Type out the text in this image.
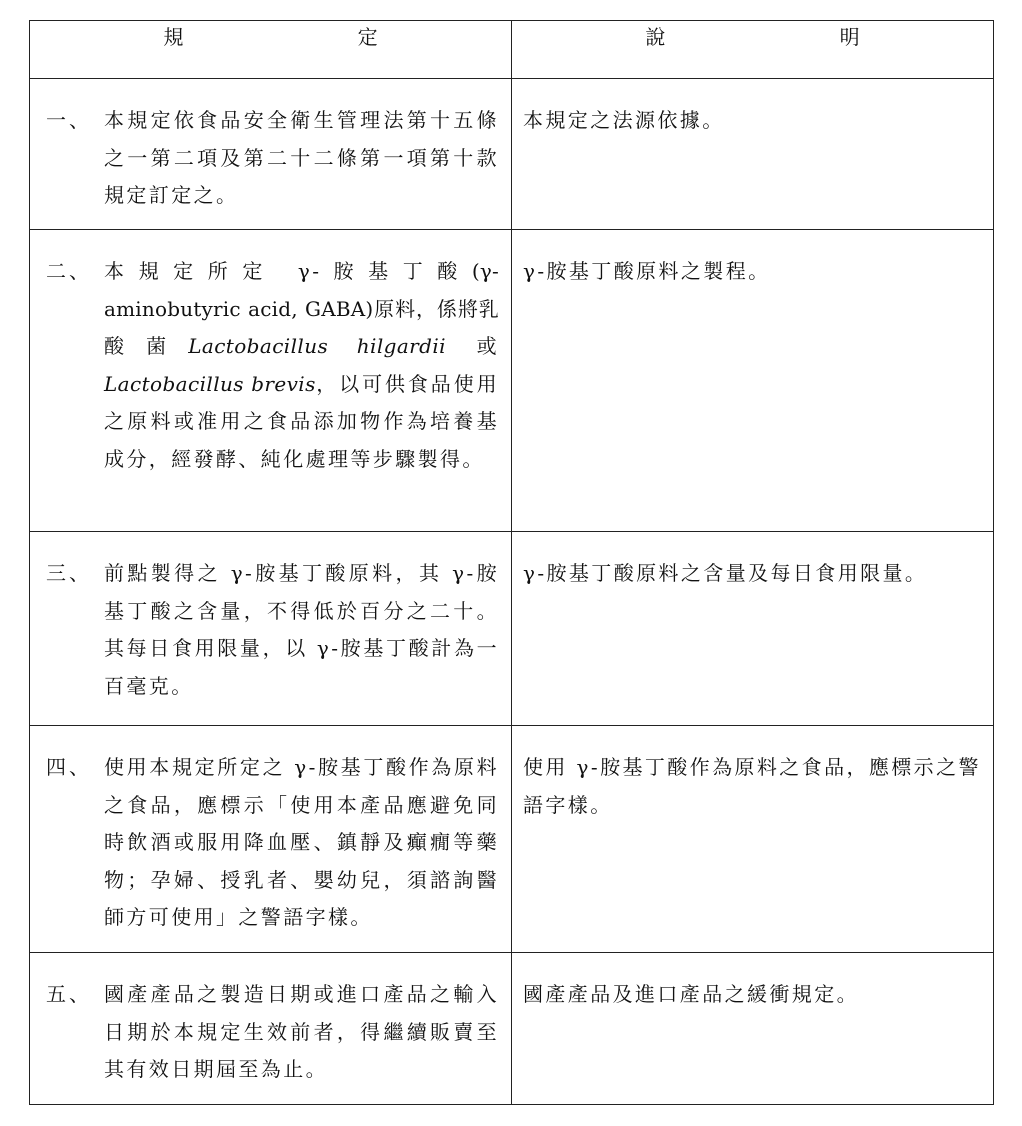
規 定	說 明

一、 本規定依食品安全衛生管理法第十五條之一第二項及第二十二條第一項第十款規定訂定之。	本規定之法源依據。

二、 本規定所定 γ-胺基丁酸(γ-aminobutyric acid, GABA)原料，係將乳酸菌Lactobacillus hilgardii 或 Lactobacillus brevis，以可供食品使用之原料或准用之食品添加物作為培養基成分，經發酵、純化處理等步驟製得。	γ-胺基丁酸原料之製程。

三、 前點製得之 γ-胺基丁酸原料，其 γ-胺基丁酸之含量，不得低於百分之二十。其每日食用限量，以 γ-胺基丁酸計為一百毫克。	γ-胺基丁酸原料之含量及每日食用限量。

四、 使用本規定所定之 γ-胺基丁酸作為原料之食品，應標示「使用本產品應避免同時飲酒或服用降血壓、鎮靜及癲癇等藥物；孕婦、授乳者、嬰幼兒，須諮詢醫師方可使用」之警語字樣。	使用 γ-胺基丁酸作為原料之食品，應標示之警語字樣。

五、 國產產品之製造日期或進口產品之輸入日期於本規定生效前者，得繼續販賣至其有效日期屆至為止。	國產產品及進口產品之緩衝規定。
